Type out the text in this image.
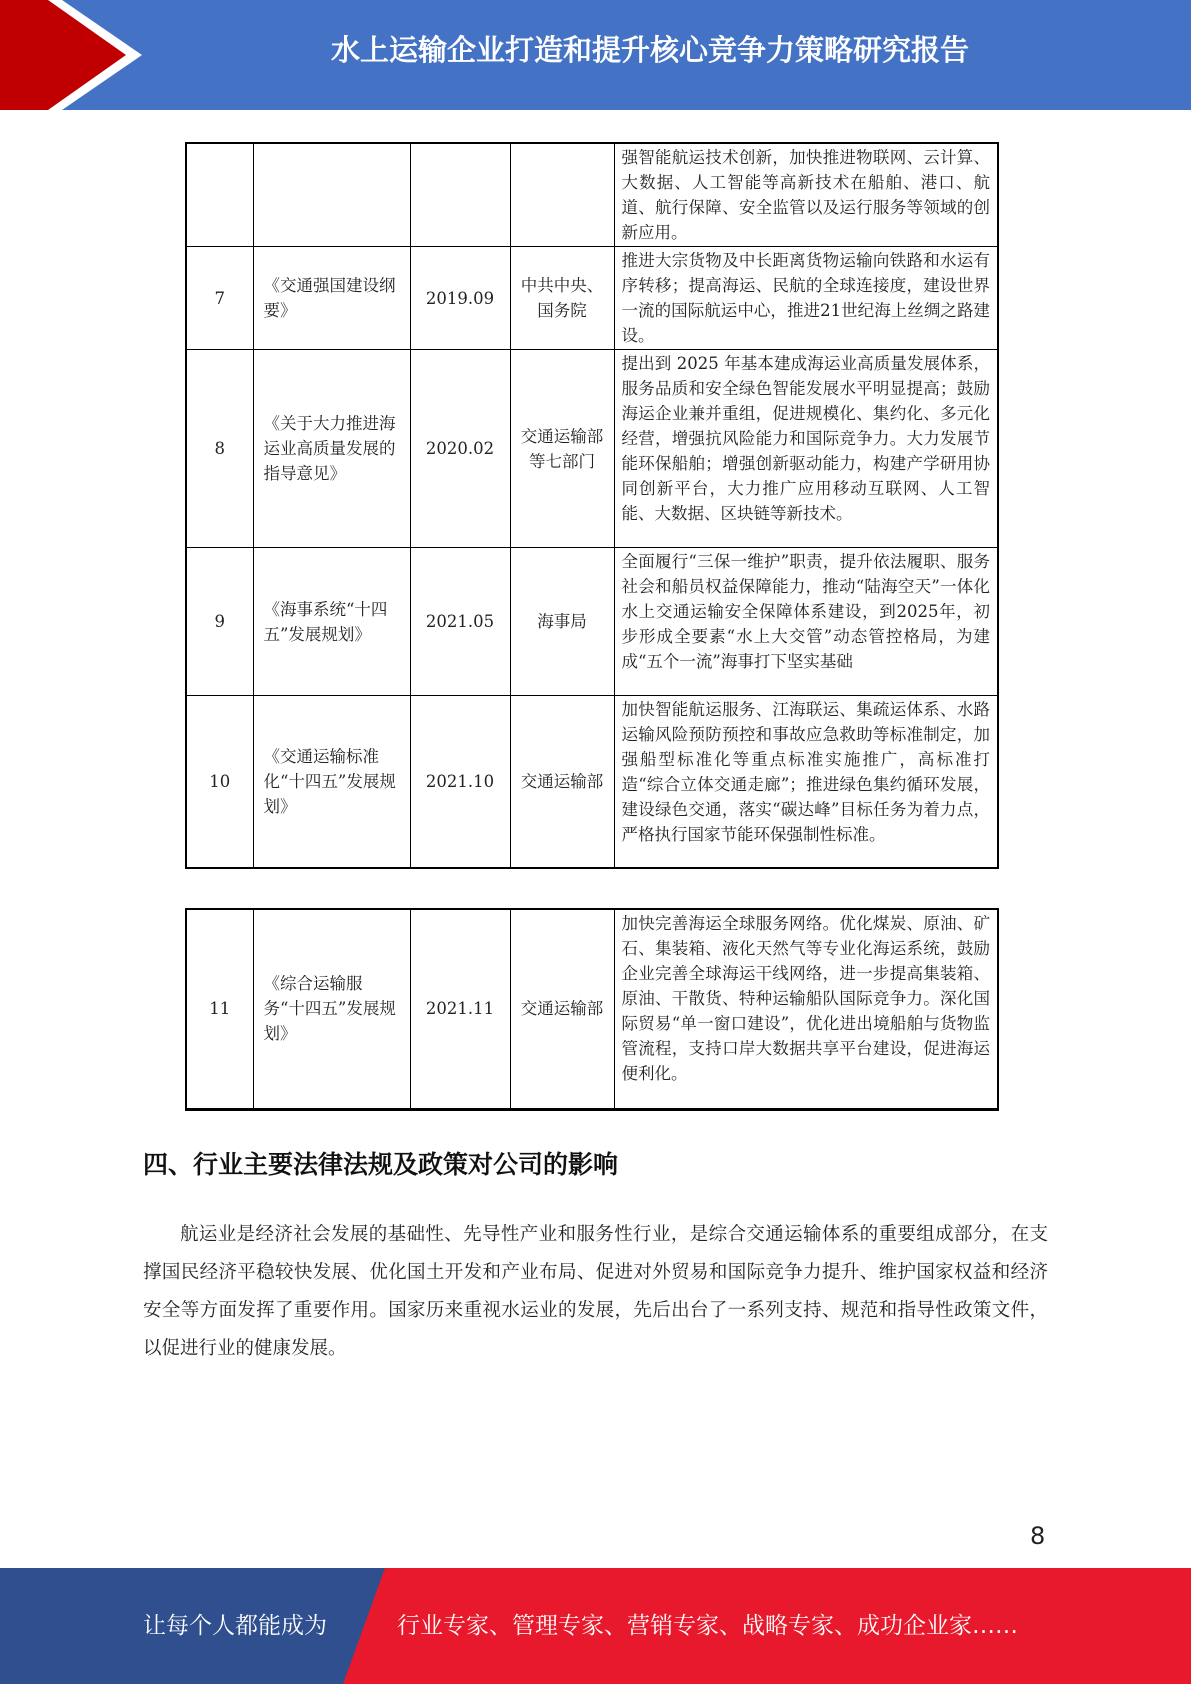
水上运输企业打造和提升核心竞争力策略研究报告
				强智能航运技术创新，加快推进物联网、云计算、大数据、人工智能等高新技术在船舶、港口、航道、航行保障、安全监管以及运行服务等领域的创新应用。
7	《交通强国建设纲要》	2019.09	中共中央、国务院	推进大宗货物及中长距离货物运输向铁路和水运有序转移；提高海运、民航的全球连接度，建设世界一流的国际航运中心，推进21世纪海上丝绸之路建设。
8	《关于大力推进海运业高质量发展的指导意见》	2020.02	交通运输部等七部门	提出到 2025 年基本建成海运业高质量发展体系，服务品质和安全绿色智能发展水平明显提高；鼓励海运企业兼并重组，促进规模化、集约化、多元化经营，增强抗风险能力和国际竞争力。大力发展节能环保船舶；增强创新驱动能力，构建产学研用协同创新平台，大力推广应用移动互联网、人工智能、大数据、区块链等新技术。
9	《海事系统“十四五”发展规划》	2021.05	海事局	全面履行“三保一维护”职责，提升依法履职、服务社会和船员权益保障能力，推动“陆海空天”一体化水上交通运输安全保障体系建设，到2025年，初步形成全要素“水上大交管”动态管控格局，为建成“五个一流”海事打下坚实基础
10	《交通运输标准化“十四五”发展规划》	2021.10	交通运输部	加快智能航运服务、江海联运、集疏运体系、水路运输风险预防预控和事故应急救助等标准制定，加强船型标准化等重点标准实施推广，高标准打造“综合立体交通走廊”；推进绿色集约循环发展，建设绿色交通，落实“碳达峰”目标任务为着力点，严格执行国家节能环保强制性标准。
11	《综合运输服务“十四五”发展规划》	2021.11	交通运输部	加快完善海运全球服务网络。优化煤炭、原油、矿石、集装箱、液化天然气等专业化海运系统，鼓励企业完善全球海运干线网络，进一步提高集装箱、原油、干散货、特种运输船队国际竞争力。深化国际贸易“单一窗口建设”，优化进出境船舶与货物监管流程，支持口岸大数据共享平台建设，促进海运便利化。
四、行业主要法律法规及政策对公司的影响

航运业是经济社会发展的基础性、先导性产业和服务性行业，是综合交通运输体系的重要组成部分，在支撑国民经济平稳较快发展、优化国土开发和产业布局、促进对外贸易和国际竞争力提升、维护国家权益和经济安全等方面发挥了重要作用。国家历来重视水运业的发展，先后出台了一系列支持、规范和指导性政策文件，以促进行业的健康发展。

8
让每个人都能成为	行业专家、管理专家、营销专家、战略专家、成功企业家……
